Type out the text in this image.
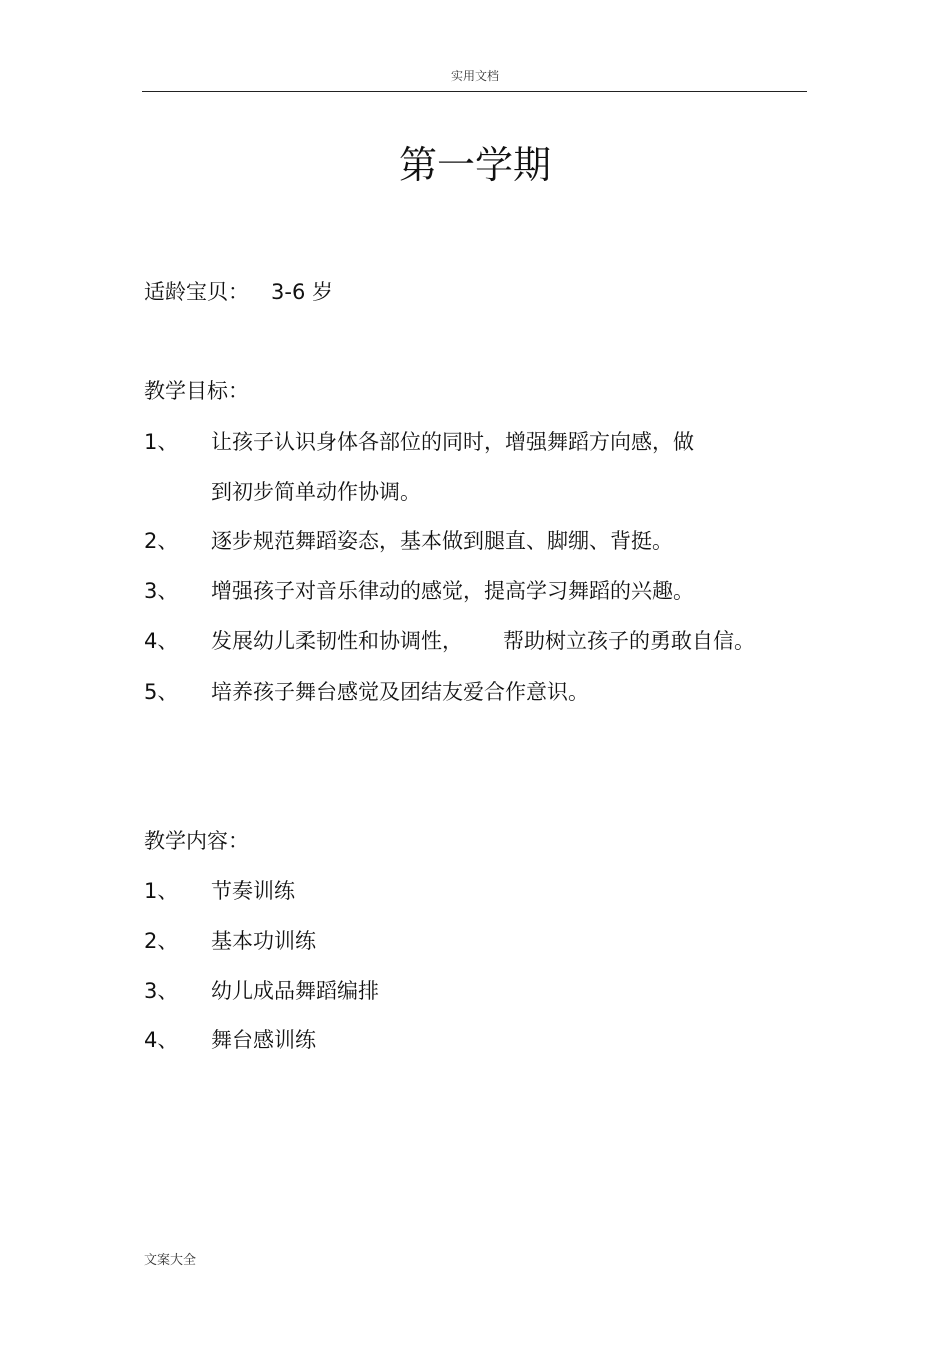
实用文档
第一学期
适龄宝贝： 3-6 岁
教学目标：
1、 让孩子认识身体各部位的同时，增强舞蹈方向感，做
到初步简单动作协调。
2、 逐步规范舞蹈姿态，基本做到腿直、脚绷、背挺。
3、 增强孩子对音乐律动的感觉，提高学习舞蹈的兴趣。
4、 发展幼儿柔韧性和协调性， 帮助树立孩子的勇敢自信。
5、 培养孩子舞台感觉及团结友爱合作意识。
教学内容：
1、 节奏训练
2、 基本功训练
3、 幼儿成品舞蹈编排
4、 舞台感训练
文案大全
